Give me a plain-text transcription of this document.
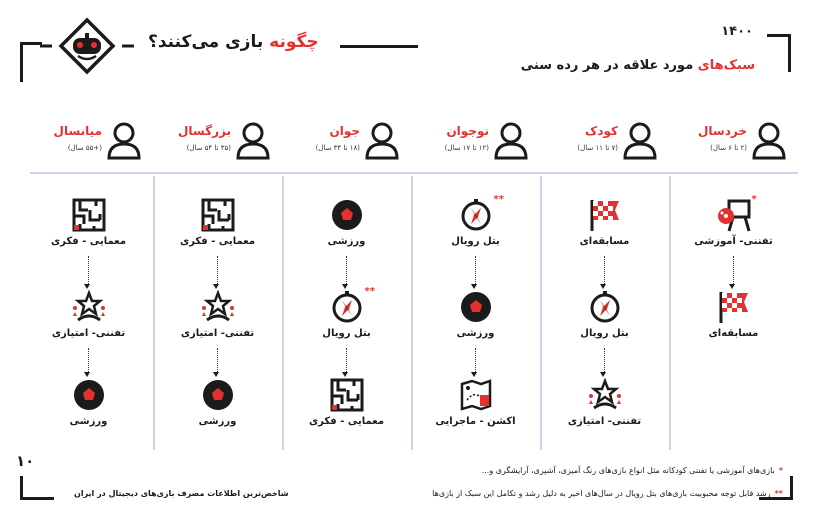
۱۴۰۰
سبک‌های مورد علاقه در هر رده سنی
چگونه بازی می‌کنند؟
خردسال
(۲ تا ۶ سال)
کودک
(۷ تا ۱۱ سال)
نوجوان
(۱۲ تا ۱۷ سال)
جوان
(۱۸ تا ۳۴ سال)
بزرگسال
(۳۵ تا ۵۴ سال)
میانسال
(+۵۵ سال)
تفننی- آموزشی
*
مسابقه‌ای
مسابقه‌ای
بتل رویال
تفننی- امتیازی
بتل رویال
**
ورزشی
اکشن - ماجرایی
ورزشی
بتل رویال
**
معمایی - فکری
معمایی - فکری
تفننی- امتیازی
ورزشی
معمایی - فکری
تفننی- امتیازی
ورزشی
۱۰
شاخص‌ترین اطلاعات مصرف بازی‌های دیجیتال در ایران
*بازی‌های آموزشی یا تفننی کودکانه مثل انواع بازی‌های رنگ آمیزی، آشپزی، آرایشگری و...
**رشد قابل توجه محبوبیت بازی‌های بتل رویال در سال‌های اخیر به دلیل رشد و تکامل این سبک از بازی‌ها
